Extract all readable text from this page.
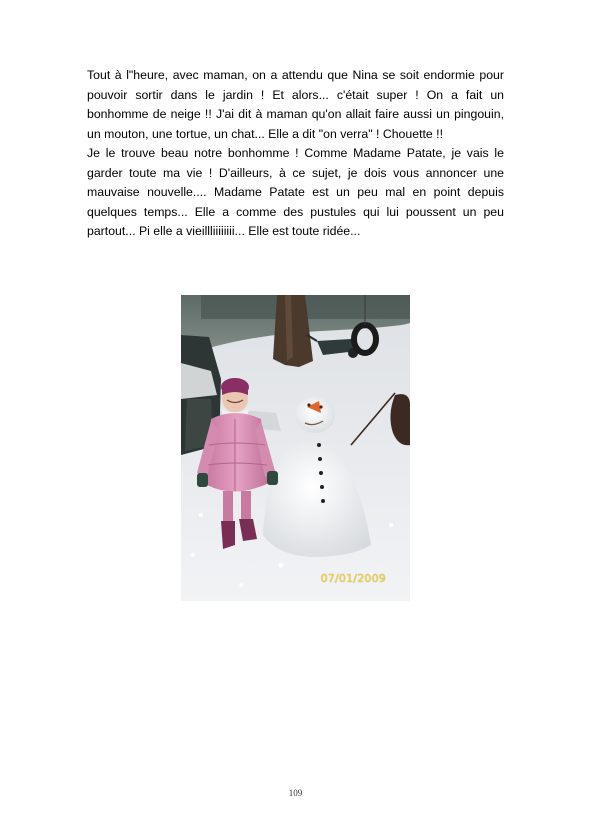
Tout à l"heure, avec maman, on a attendu que Nina se soit endormie pour pouvoir sortir dans le jardin ! Et alors... c'était super ! On a fait un bonhomme de neige !! J'ai dit à maman qu'on allait faire aussi un pingouin, un mouton, une tortue, un chat... Elle a dit "on verra" ! Chouette !!

Je le trouve beau notre bonhomme ! Comme Madame Patate, je vais le garder toute ma vie ! D'ailleurs, à ce sujet, je dois vous annoncer une mauvaise nouvelle.... Madame Patate est un peu mal en point depuis quelques temps... Elle a comme des pustules qui lui poussent un peu partout... Pi elle a vieillliiiiiiii... Elle est toute ridée...

07/01/2009
109
